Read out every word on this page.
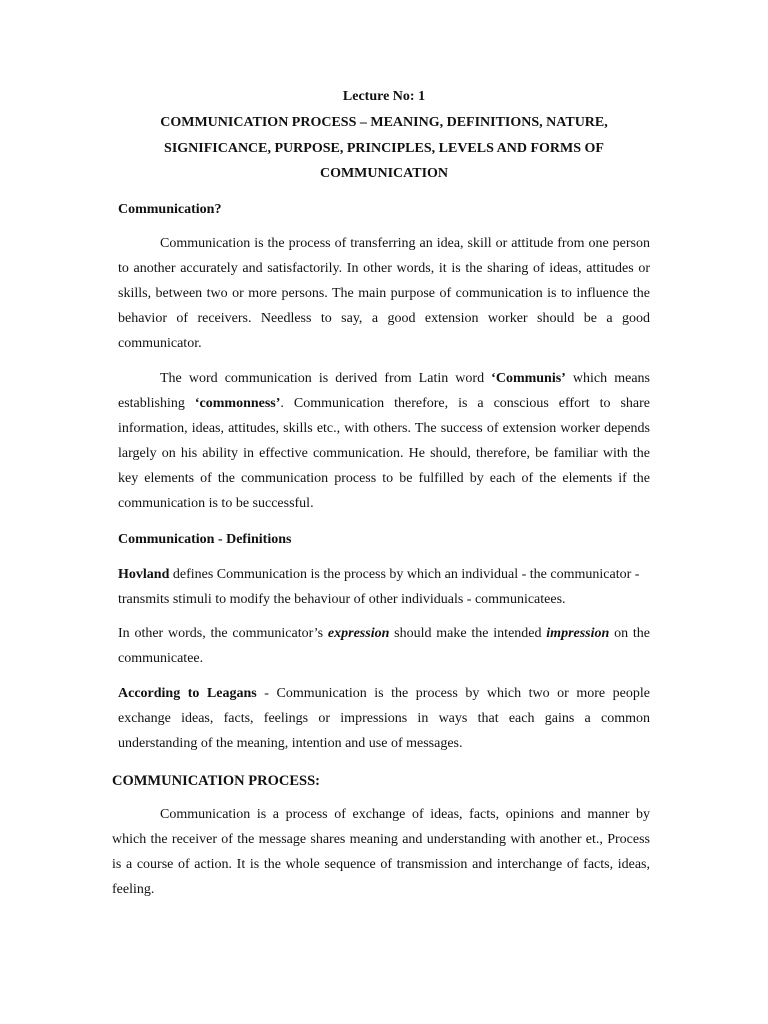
Lecture No: 1
COMMUNICATION PROCESS – MEANING, DEFINITIONS, NATURE,
SIGNIFICANCE, PURPOSE, PRINCIPLES, LEVELS AND FORMS OF
COMMUNICATION
Communication?
Communication is the process of transferring an idea, skill or attitude from one person
to another accurately and satisfactorily. In other words, it is the sharing of ideas, attitudes or
skills, between two or more persons. The main purpose of communication is to influence the
behavior of receivers. Needless to say, a good extension worker should be a good
communicator.
The word communication is derived from Latin word ‘Communis’ which means
establishing ‘commonness’. Communication therefore, is a conscious effort to share
information, ideas, attitudes, skills etc., with others. The success of extension worker depends
largely on his ability in effective communication. He should, therefore, be familiar with the
key elements of the communication process to be fulfilled by each of the elements if the
communication is to be successful.
Communication - Definitions
Hovland defines Communication is the process by which an individual - the communicator -
transmits stimuli to modify the behaviour of other individuals - communicatees.
In other words, the communicator’s expression should make the intended impression on the
communicatee.
According to Leagans - Communication is the process by which two or more people
exchange ideas, facts, feelings or impressions in ways that each gains a common
understanding of the meaning, intention and use of messages.
COMMUNICATION PROCESS:
Communication is a process of exchange of ideas, facts, opinions and manner by
which the receiver of the message shares meaning and understanding with another et., Process
is a course of action. It is the whole sequence of transmission and interchange of facts, ideas,
feeling.
